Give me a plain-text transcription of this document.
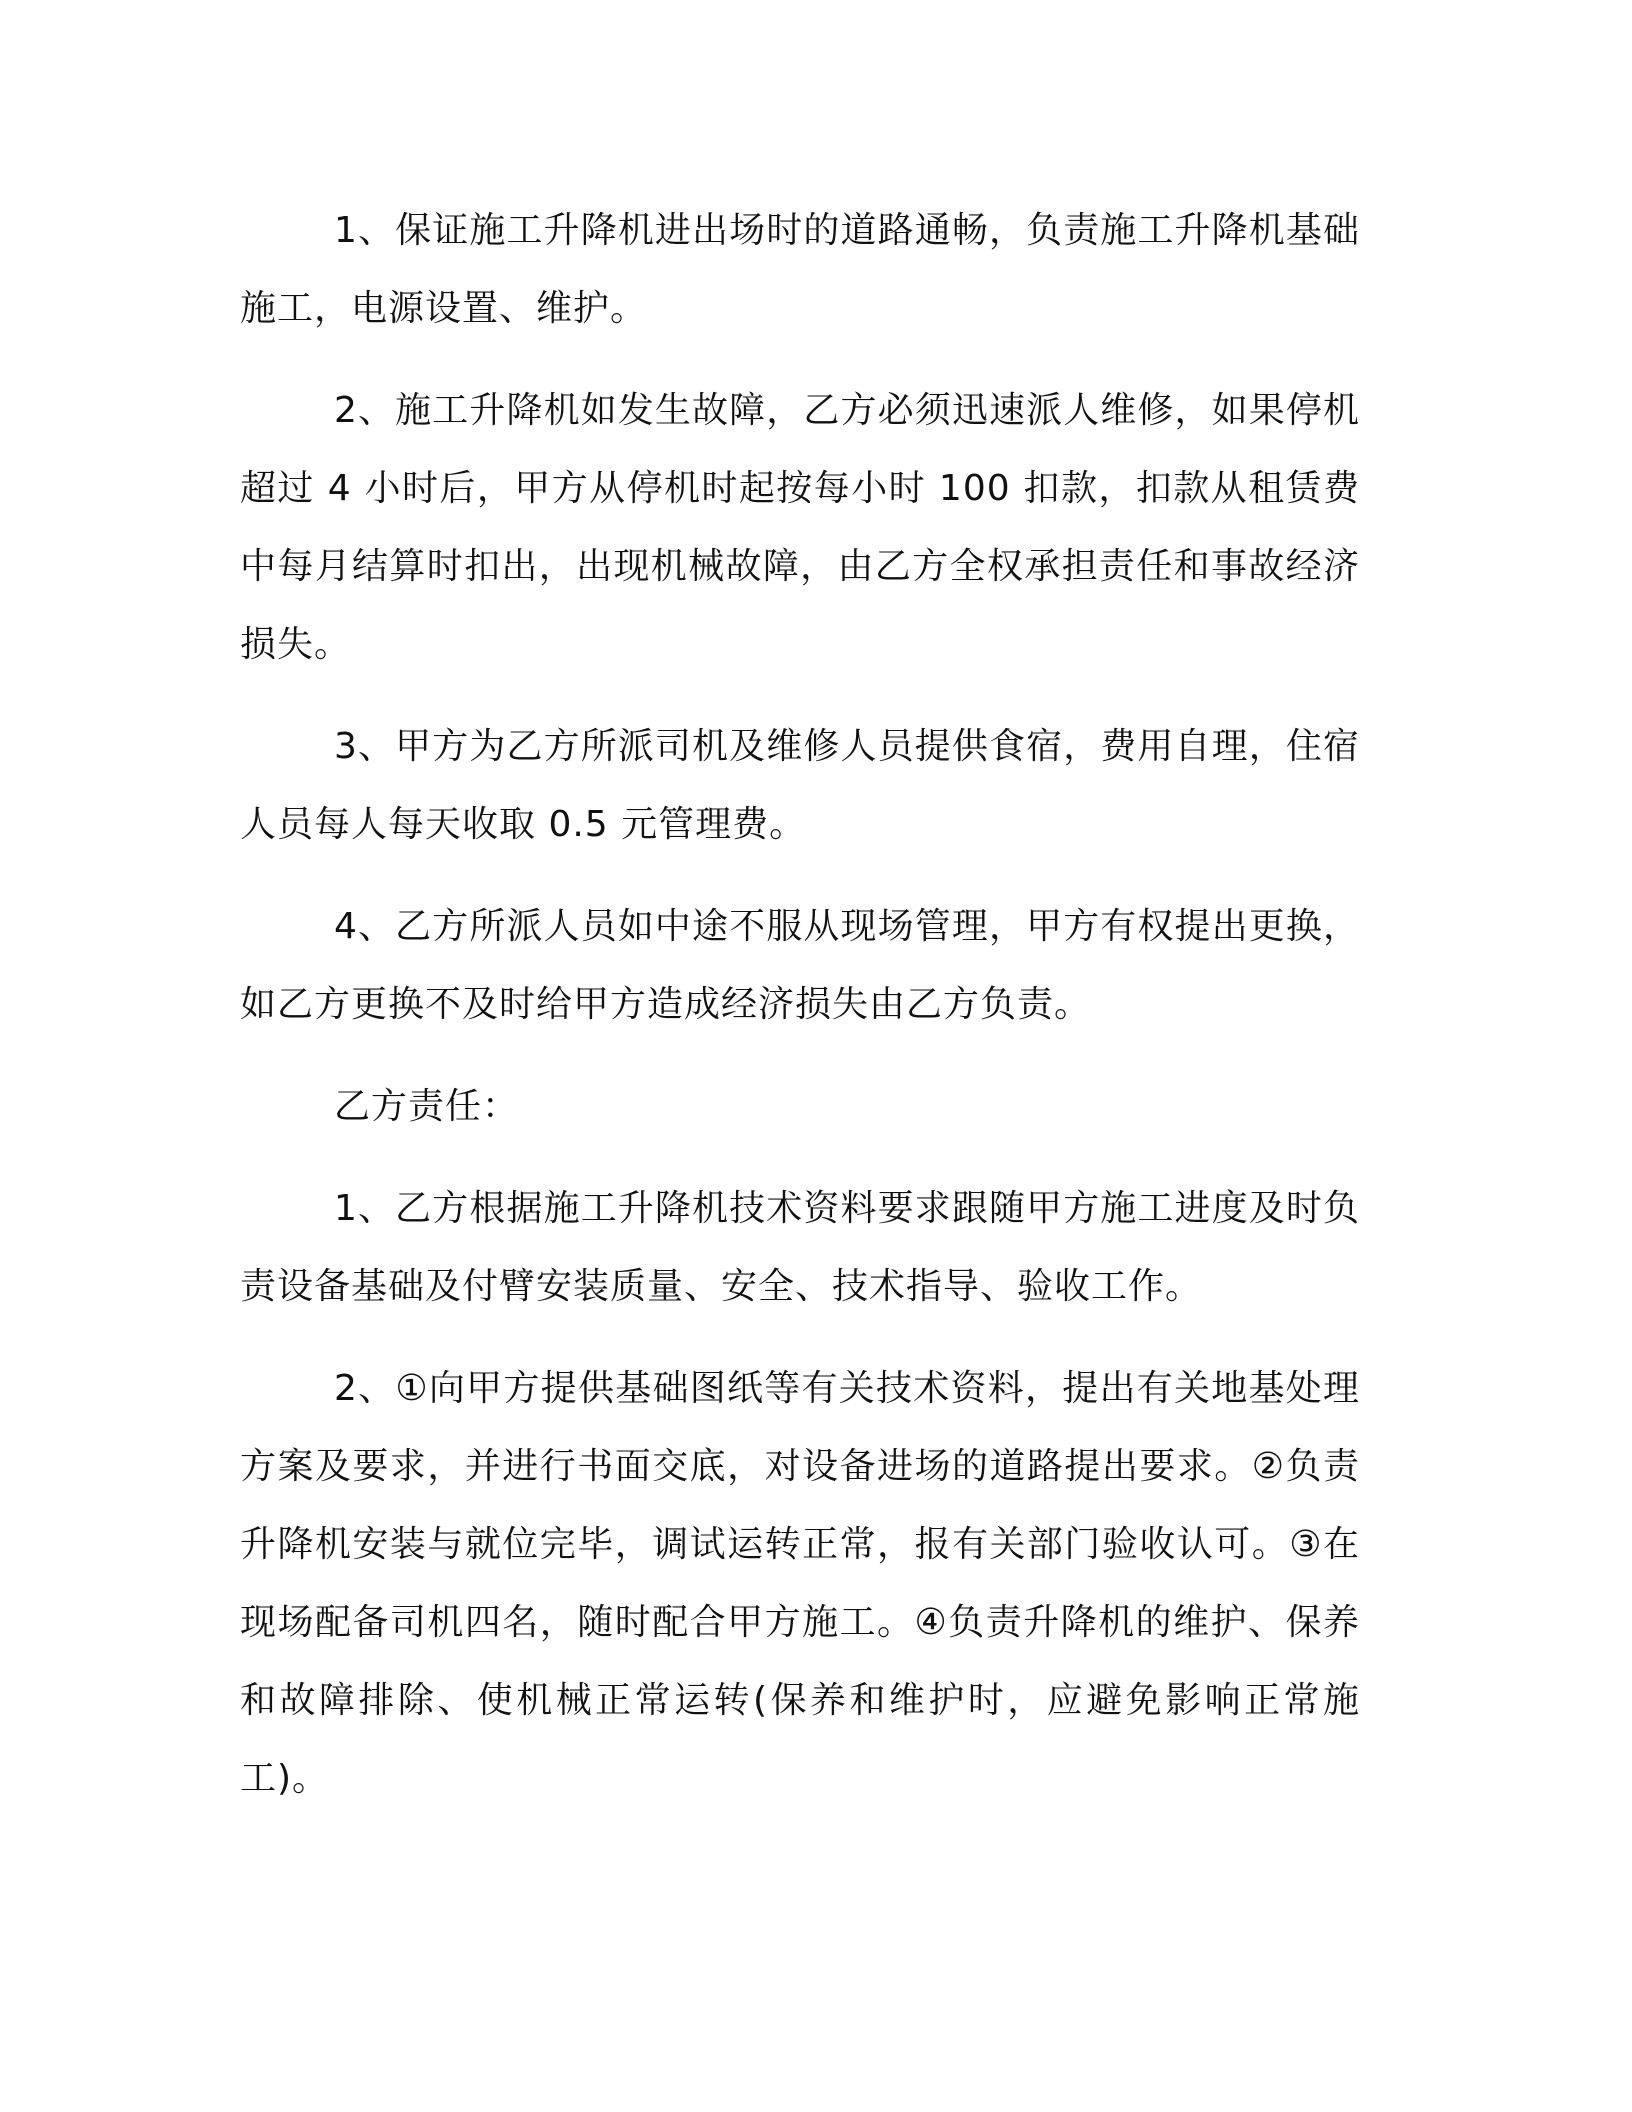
1、保证施工升降机进出场时的道路通畅，负责施工升降机基础施工，电源设置、维护。

2、施工升降机如发生故障，乙方必须迅速派人维修，如果停机超过 4 小时后，甲方从停机时起按每小时 100 扣款，扣款从租赁费中每月结算时扣出，出现机械故障，由乙方全权承担责任和事故经济损失。

3、甲方为乙方所派司机及维修人员提供食宿，费用自理，住宿人员每人每天收取 0.5 元管理费。

4、乙方所派人员如中途不服从现场管理，甲方有权提出更换，如乙方更换不及时给甲方造成经济损失由乙方负责。

乙方责任：

1、乙方根据施工升降机技术资料要求跟随甲方施工进度及时负责设备基础及付臂安装质量、安全、技术指导、验收工作。

2、①向甲方提供基础图纸等有关技术资料，提出有关地基处理方案及要求，并进行书面交底，对设备进场的道路提出要求。②负责升降机安装与就位完毕，调试运转正常，报有关部门验收认可。③在现场配备司机四名，随时配合甲方施工。④负责升降机的维护、保养和故障排除、使机械正常运转(保养和维护时，应避免影响正常施工)。
